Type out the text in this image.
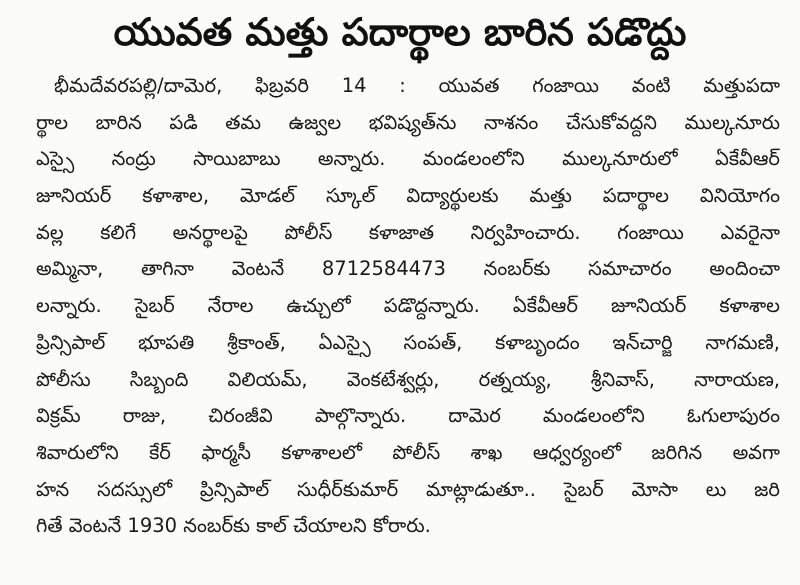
యువత మత్తు పదార్థాల బారిన పడొద్దు
భీమదేవరపల్లి/దామెర, ఫిబ్రవరి 14 : యువత గంజాయి వంటి మత్తుపదా
ర్థాల బారిన పడి తమ ఉజ్వల భవిష్యత్‌ను నాశనం చేసుకోవద్దని ముల్కనూరు
ఎస్సై నంద్రు సాయిబాబు అన్నారు. మండలంలోని ముల్కనూరులో ఏకేవీఆర్
జూనియర్ కళాశాల, మోడల్ స్కూల్ విద్యార్థులకు మత్తు పదార్థాల వినియోగం
వల్ల కలిగే అనర్థాలపై పోలీస్ కళాజాత నిర్వహించారు. గంజాయి ఎవరైనా
అమ్మినా, తాగినా వెంటనే 8712584473 నంబర్‌కు సమాచారం అందించా
లన్నారు. సైబర్ నేరాల ఉచ్చులో పడొద్దన్నారు. ఏకేవీఆర్ జూనియర్ కళాశాల
ప్రిన్సిపాల్ భూపతి శ్రీకాంత్, ఏఎస్సై సంపత్, కళాబృందం ఇన్‌చార్జి నాగమణి,
పోలీసు సిబ్బంది విలియమ్, వెంకటేశ్వర్లు, రత్నయ్య, శ్రీనివాస్, నారాయణ,
విక్రమ్ రాజు, చిరంజీవి పాల్గొన్నారు. దామెర మండలంలోని ఓగులాపురం
శివారులోని కేర్ ఫార్మసీ కళాశాలలో పోలీస్ శాఖ ఆధ్వర్యంలో జరిగిన అవగా
హన సదస్సులో ప్రిన్సిపాల్ సుధీర్‌కుమార్ మాట్లాడుతూ.. సైబర్ మోసా లు జరి
గితే వెంటనే 1930 నంబర్‌కు కాల్ చేయాలని కోరారు.
